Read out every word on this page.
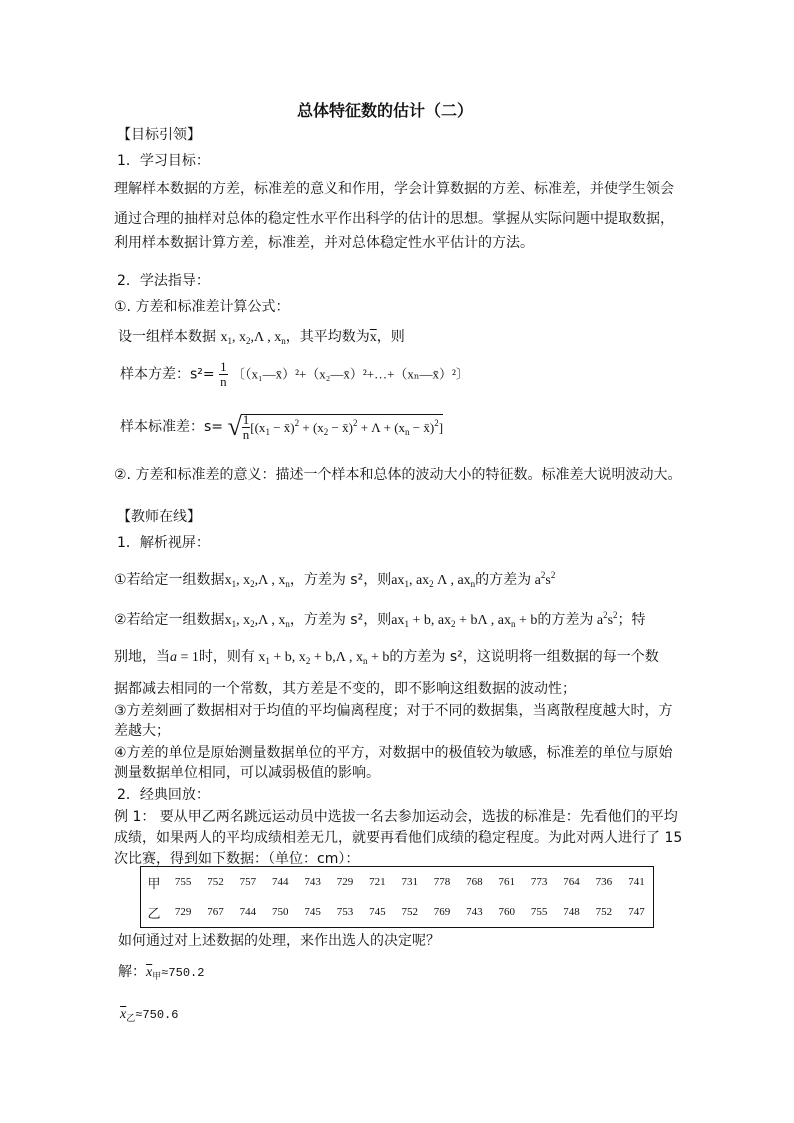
总体特征数的估计（二）
【目标引领】
1．学习目标：
理解样本数据的方差，标准差的意义和作用，学会计算数据的方差、标准差，并使学生领会
通过合理的抽样对总体的稳定性水平作出科学的估计的思想。掌握从实际问题中提取数据，
利用样本数据计算方差，标准差，并对总体稳定性水平估计的方法。
2．学法指导：
①. 方差和标准差计算公式：
设一组样本数据 $x_1$, $x_2,\Lambda$ , $x_n$，其平均数为$\overline{x}$，则
样本方差：$s^2= \frac{1}{n}$ 〔（x₁—x̄）²+（x₂—x̄）²+…+（xₙ—x̄）²〕
样本标准差：s= √ $\frac{1}{n} [(x_1$ − x̄)$^2$ + ($x_2$ − x̄)$^2$ + $\Lambda + (x_n$ − x̄)$^2$]
②. 方差和标准差的意义：描述一个样本和总体的波动大小的特征数。标准差大说明波动大。
【教师在线】
1．解析视屏：
①若给定一组数据$x_1$, $x_2,\Lambda$ , $x_n$，方差为 s²，则$ax_1$, $ax_2$ Λ , $ax_n$的方差为 $a^2s^2$
②若给定一组数据$x_1$, $x_2,\Lambda$ , $x_n$，方差为 s²，则$ax_1 + b$, $ax_2 + b\Lambda$ , $ax_n + b$的方差为 $a^2s^2$；特
别地，当a = 1时，则有 $x_1 + b$, $x_2 + b,\Lambda$ , $x_n + b$的方差为 s²，这说明将一组数据的每一个数
据都减去相同的一个常数，其方差是不变的，即不影响这组数据的波动性；
③方差刻画了数据相对于均值的平均偏离程度；对于不同的数据集，当离散程度越大时，方
差越大；
④方差的单位是原始测量数据单位的平方，对数据中的极值较为敏感，标准差的单位与原始
测量数据单位相同，可以减弱极值的影响。
2．经典回放：
例 1： 要从甲乙两名跳远运动员中选拔一名去参加运动会，选拔的标准是：先看他们的平均
成绩，如果两人的平均成绩相差无几，就要再看他们成绩的稳定程度。为此对两人进行了 15
次比赛，得到如下数据：（单位：cm）：
甲	755	752	757	744	743	729	721	731	778	768	761	773	764	736	741
乙	729	767	744	750	745	753	745	752	769	743	760	755	748	752	747
如何通过对上述数据的处理，来作出选人的决定呢？
解：$\overline{x}_甲\approx 750.2$
$\overline{x}_乙\approx 750.6$
